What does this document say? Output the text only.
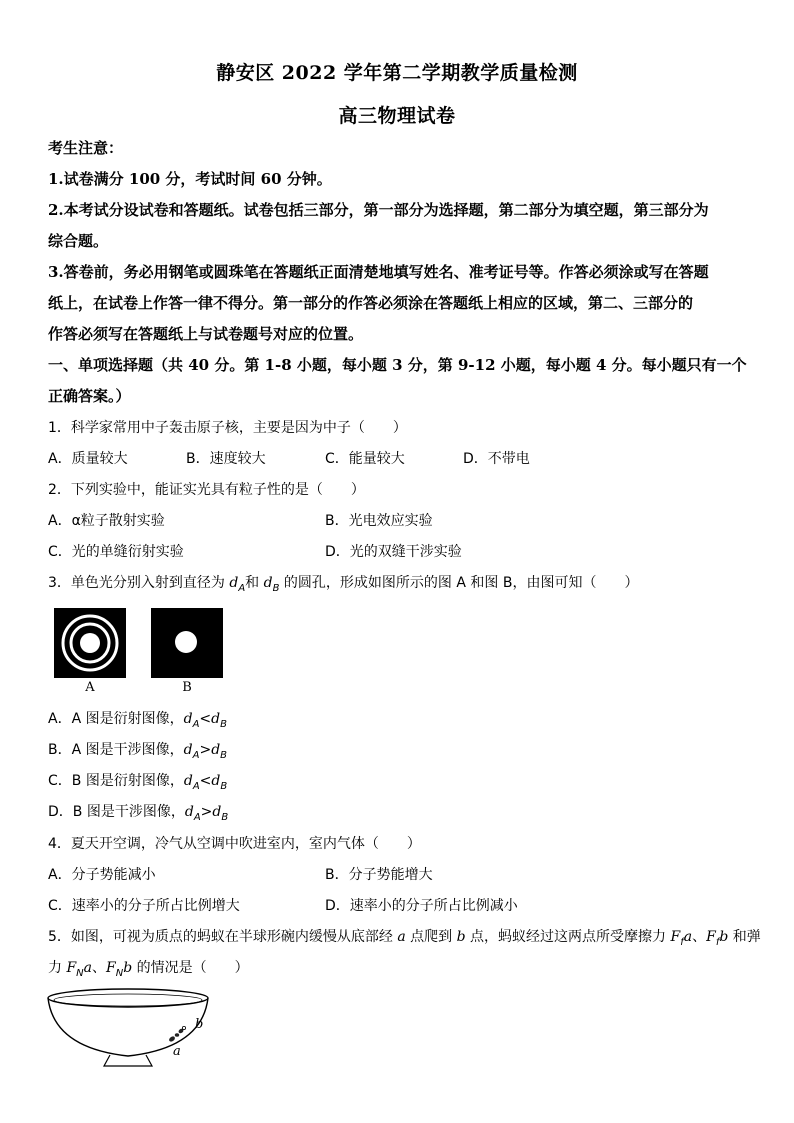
静安区 2022 学年第二学期教学质量检测
高三物理试卷
考生注意：
1.试卷满分 100 分，考试时间 60 分钟。
2.本考试分设试卷和答题纸。试卷包括三部分，第一部分为选择题，第二部分为填空题，第三部分为
综合题。
3.答卷前，务必用钢笔或圆珠笔在答题纸正面清楚地填写姓名、准考证号等。作答必须涂或写在答题
纸上，在试卷上作答一律不得分。第一部分的作答必须涂在答题纸上相应的区域，第二、三部分的
作答必须写在答题纸上与试卷题号对应的位置。
一、单项选择题（共 40 分。第 1-8 小题，每小题 3 分，第 9-12 小题，每小题 4 分。每小题只有一个
正确答案。）
1．科学家常用中子轰击原子核，主要是因为中子（　　）
A．质量较大	B．速度较大	C．能量较大	D．不带电
2．下列实验中，能证实光具有粒子性的是（　　）
A．α粒子散射实验	B．光电效应实验
C．光的单缝衍射实验	D．光的双缝干涉实验
3．单色光分别入射到直径为 $d_A$和 $d_B$ 的圆孔，形成如图所示的图 A 和图 B，由图可知（　　）
A	B
A．A 图是衍射图像，$d_A<d_B$
B．A 图是干涉图像，$d_A>d_B$
C．B 图是衍射图像，$d_A<d_B$
D．B 图是干涉图像，$d_A>d_B$
4．夏天开空调，冷气从空调中吹进室内，室内气体（　　）
A．分子势能减小	B．分子势能增大
C．速率小的分子所占比例增大	D．速率小的分子所占比例减小
5．如图，可视为质点的蚂蚁在半球形碗内缓慢从底部经 a 点爬到 b 点，蚂蚁经过这两点所受摩擦力 $F_fa$、$F_fb$ 和弹
力 $F_Na$、$F_Nb$ 的情况是（　　）
b
a
